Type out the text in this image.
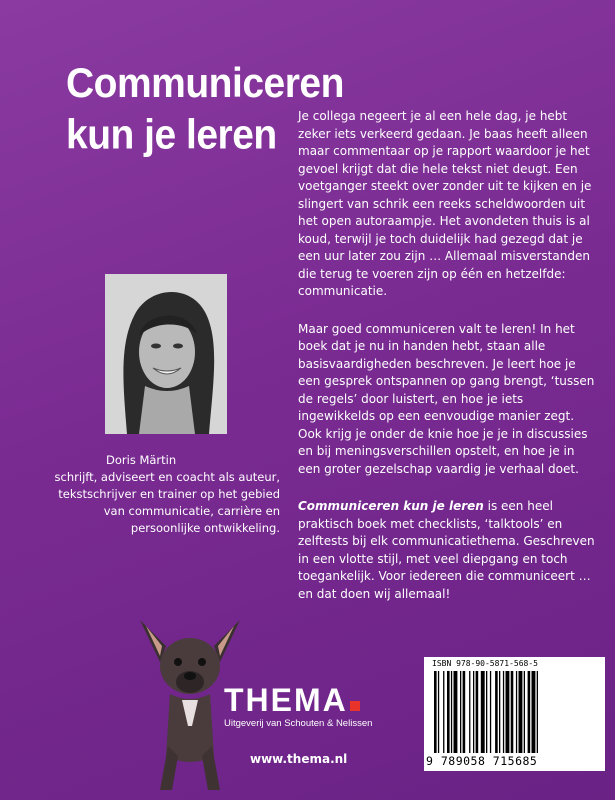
Communiceren
kun je leren	Je collega negeert je al een hele dag, je hebt zeker iets verkeerd gedaan. Je baas heeft alleen maar commentaar op je rapport waardoor je het gevoel krijgt dat die hele tekst niet deugt. Een voetganger steekt over zonder uit te kijken en je slingert van schrik een reeks scheldwoorden uit het open autoraampje. Het avondeten thuis is al koud, terwijl je toch duidelijk had gezegd dat je een uur later zou zijn … Allemaal misverstanden die terug te voeren zijn op één en hetzelfde: communicatie.

Maar goed communiceren valt te leren! In het boek dat je nu in handen hebt, staan alle basisvaardigheden beschreven. Je leert hoe je een gesprek ontspannen op gang brengt, ‘tussen de regels’ door luistert, en hoe je iets ingewikkelds op een eenvoudige manier zegt. Ook krijg je onder de knie hoe je je in discussies en bij meningsverschillen opstelt, en hoe je in een groter gezelschap vaardig je verhaal doet.

Communiceren kun je leren is een heel praktisch boek met checklists, ‘talktools’ en zelftests bij elk communicatiethema. Geschreven in een vlotte stijl, met veel diepgang en toch toegankelijk. Voor iedereen die communiceert … en dat doen wij allemaal!

Doris Märtin
schrijft, adviseert en coacht als auteur, tekstschrijver en trainer op het gebied van communicatie, carrière en persoonlijke ontwikkeling.
THEMA
Uitgeverij van Schouten & Nelissen
www.thema.nl
ISBN 978-90-5871-568-5
9 789058 715685
